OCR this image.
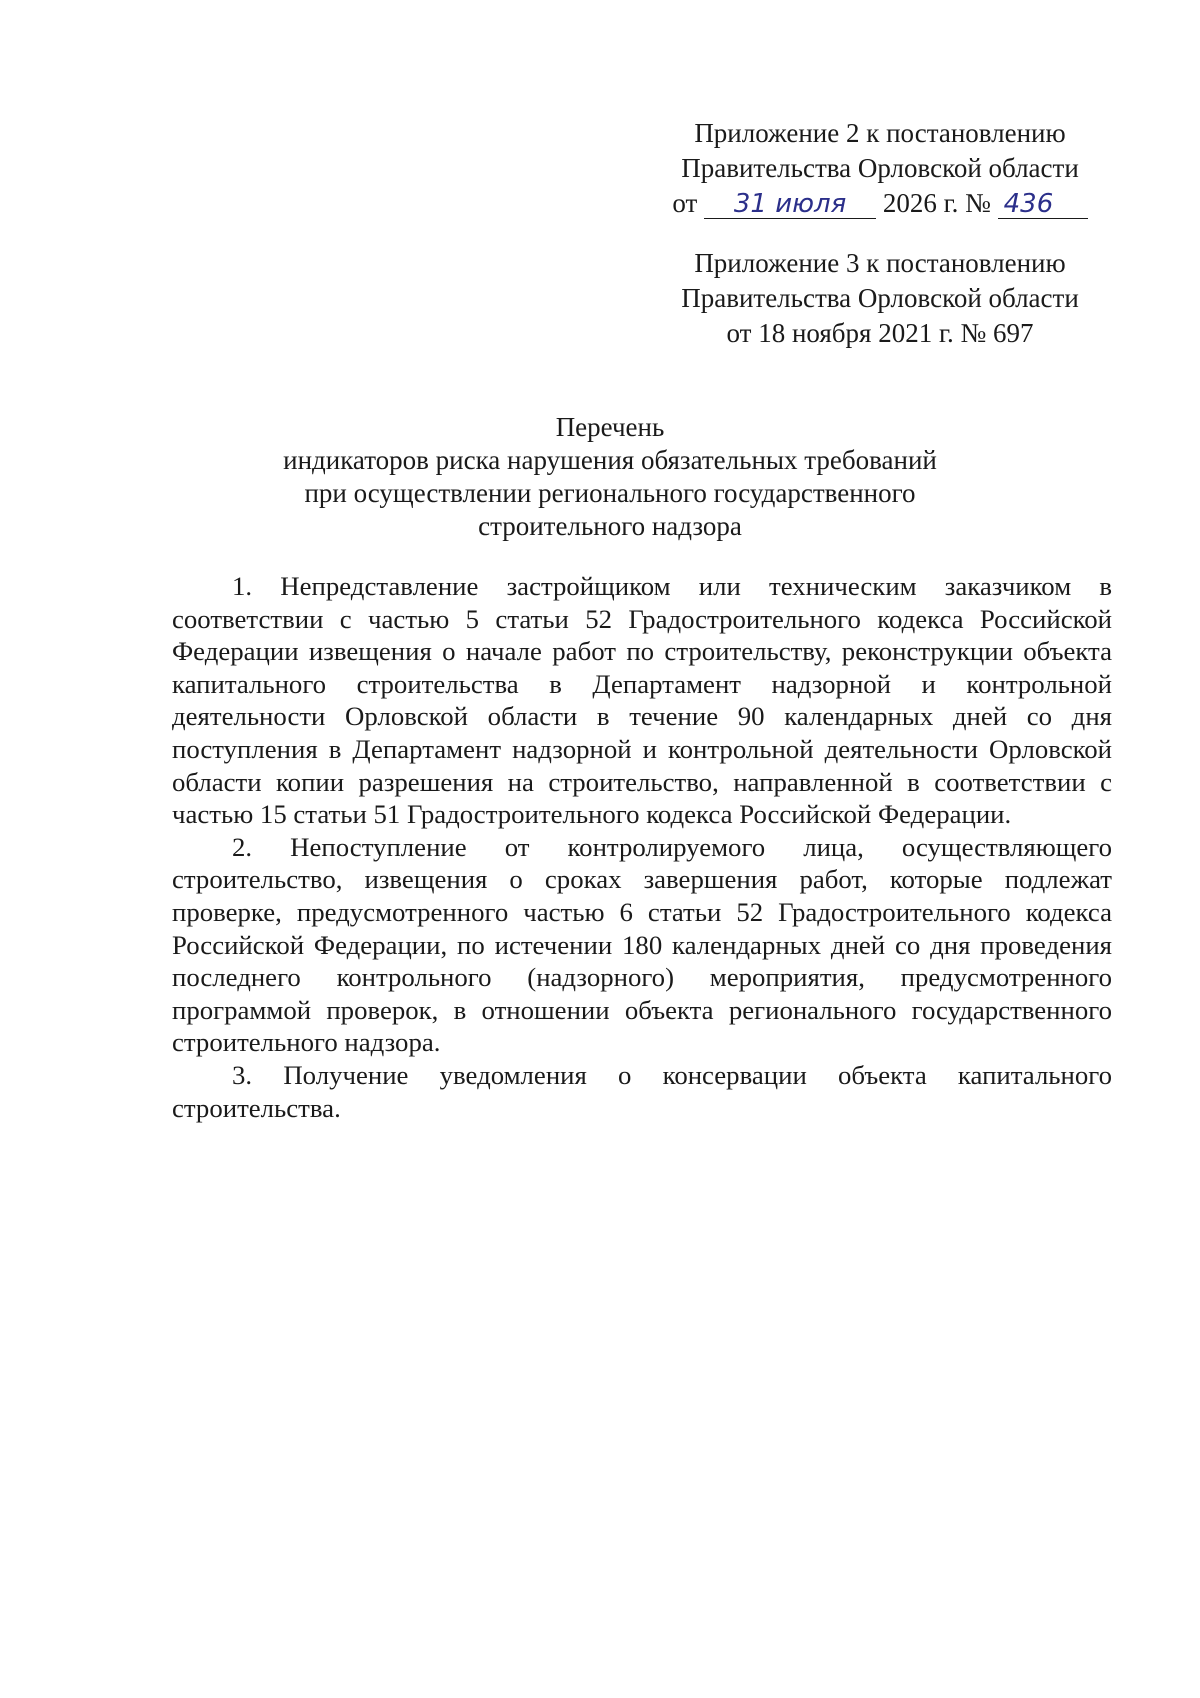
Приложение 2 к постановлению
Правительства Орловской области
от 31 июля 2026 г. № 436
Приложение 3 к постановлению
Правительства Орловской области
от 18 ноября 2021 г. № 697
Перечень
индикаторов риска нарушения обязательных требований
при осуществлении регионального государственного
строительного надзора

1. Непредставление застройщиком или техническим заказчиком в соответствии с частью 5 статьи 52 Градостроительного кодекса Российской Федерации извещения о начале работ по строительству, реконструкции объекта капитального строительства в Департамент надзорной и контрольной деятельности Орловской области в течение 90 календарных дней со дня поступления в Департамент надзорной и контрольной деятельности Орловской области копии разрешения на строительство, направленной в соответствии с частью 15 статьи 51 Градостроительного кодекса Российской Федерации.

2. Непоступление от контролируемого лица, осуществляющего строительство, извещения о сроках завершения работ, которые подлежат проверке, предусмотренного частью 6 статьи 52 Градостроительного кодекса Российской Федерации, по истечении 180 календарных дней со дня проведения последнего контрольного (надзорного) мероприятия, предусмотренного программой проверок, в отношении объекта регионального государственного строительного надзора.

3. Получение уведомления о консервации объекта капитального строительства.
